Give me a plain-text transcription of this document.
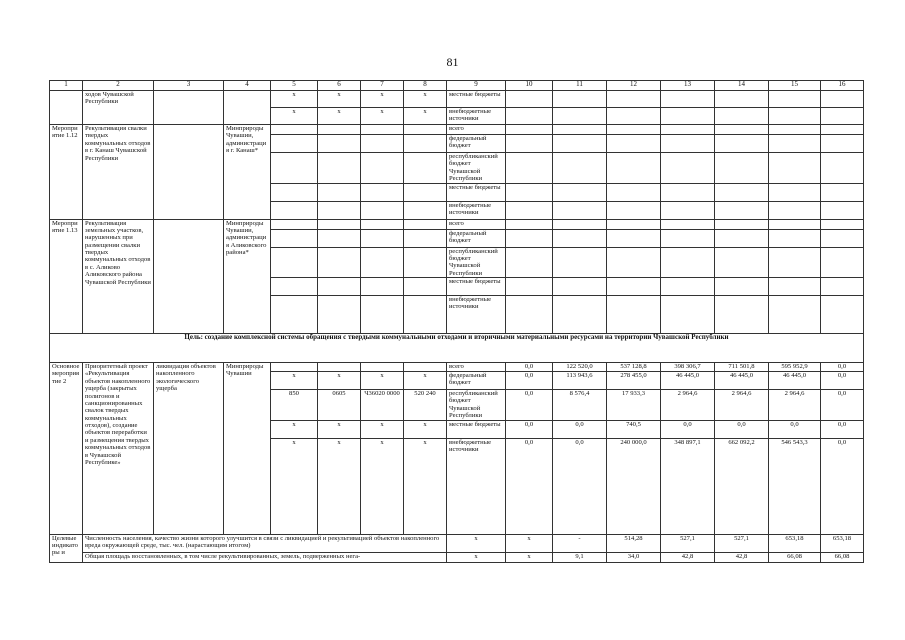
81
1	2	3	4	5	6	7	8	9	10	11	12	13	14	15	16
	ходов Чувашской Республики			x	x	x	x	местные бюджеты							
				x	x	x	x	внебюджетные источники							
Мероприятие 1.12	Рекультивация свалки твердых коммунальных отходов в г. Канаш Чувашской Республики		Минприроды Чувашии, администрация г. Канаш*					всего							
								федеральный бюджет							
								республиканский бюджет Чувашской Республики							
								местные бюджеты							
								внебюджетные источники							
Мероприятие 1.13	Рекультивация земельных участков, нарушенных при размещении свалки твердых коммунальных отходов в с. Аликово Аликовского района Чувашской Республики		Минприроды Чувашии, администрация Аликовского района*					всего							
								федеральный бюджет							
								республиканский бюджет Чувашской Республики							
								местные бюджеты							
								внебюджетные источники							
Цель: создание комплексной системы обращения с твердыми коммунальными отходами и вторичными материальными ресурсами на территории Чувашской Республики															
Основное мероприятие 2	Приоритетный проект «Рекультивация объектов накопленного ущерба (закрытых полигонов и санкционированных свалок твердых коммунальных отходов), создание объектов переработки и размещения твердых коммунальных отходов в Чувашской Республике»	ликвидация объектов накопленного экологического ущерба	Минприроды Чувашии					всего	0,0	122 520,0	537 128,8	398 306,7	711 501,8	595 952,9	0,0
				x	x	x	x	федеральный бюджет	0,0	113 943,6	278 455,0	46 445,0	46 445,0	46 445,0	0,0
				850	0605	Ч36020 0000	520 240	республиканский бюджет Чувашской Республики	0,0	8 576,4	17 933,3	2 964,6	2 964,6	2 964,6	0,0
				x	x	x	x	местные бюджеты	0,0	0,0	740,5	0,0	0,0	0,0	0,0
				x	x	x	x	внебюджетные источники	0,0	0,0	240 000,0	348 897,1	662 092,2	546 543,3	0,0
Целевые индикаторы и	Численность населения, качество жизни которого улучшится в связи с ликвидацией и рекультивацией объектов накопленного вреда окружающей среде, тыс. чел. (нарастающим итогом)							x	x	-	514,28	527,1	527,1	653,18	653,18
	Общая площадь восстановленных, в том числе рекультивированных, земель, подверженных нега-							x	x	9,1	34,0	42,8	42,8	66,08	66,08
